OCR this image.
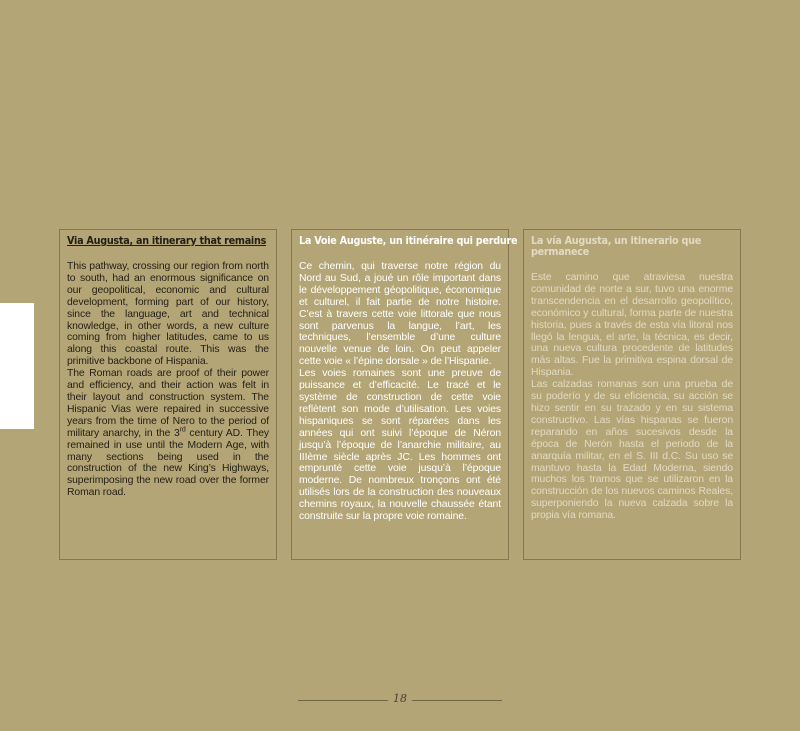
Via Augusta, an itinerary that remains

This pathway, crossing our region from north to south, had an enormous significance on our geopolitical, economic and cultural development, forming part of our history, since the language, art and technical knowledge, in other words, a new culture coming from higher latitudes, came to us along this coastal route. This was the primitive backbone of Hispania.

The Roman roads are proof of their power and efficiency, and their action was felt in their layout and construction system. The Hispanic Vias were repaired in successive years from the time of Nero to the period of military anarchy, in the 3rd century AD. They remained in use until the Modern Age, with many sections being used in the construction of the new King’s Highways, superimposing the new road over the former Roman road.

La Voie Auguste, un itinéraire qui perdure

Ce chemin, qui traverse notre région du Nord au Sud, a joué un rôle important dans le développement géopolitique, économique et culturel, il fait partie de notre histoire. C’est à travers cette voie littorale que nous sont parvenus la langue, l’art, les techniques, l’ensemble d’une culture nouvelle venue de loin. On peut appeler cette voie « l’épine dorsale » de l’Hispanie.

Les voies romaines sont une preuve de puissance et d’efficacité. Le tracé et le système de construction de cette voie reflètent son mode d’utilisation. Les voies hispaniques se sont réparées dans les années qui ont suivi l’époque de Néron jusqu’à l’époque de l’anarchie militaire, au IIIème siècle après JC. Les hommes ont emprunté cette voie jusqu’à l’époque moderne. De nombreux tronçons ont été utilisés lors de la construction des nouveaux chemins royaux, la nouvelle chaussée étant construite sur la propre voie romaine.

La vía Augusta, un itinerario que permanece

Este camino que atraviesa nuestra comunidad de norte a sur, tuvo una enorme transcendencia en el desarrollo geopolítico, económico y cultural, forma parte de nuestra historia, pues a través de esta vía litoral nos llegó la lengua, el arte, la técnica, es decir, una nueva cultura procedente de latitudes más altas. Fue la primitiva espina dorsal de Hispania.

Las calzadas romanas son una prueba de su poderío y de su eficiencia, su acción se hizo sentir en su trazado y en su sistema constructivo. Las vías hispanas se fueron reparando en años sucesivos desde la época de Nerón hasta el periodo de la anarquía militar, en el S. III d.C. Su uso se mantuvo hasta la Edad Moderna, siendo muchos los tramos que se utilizaron en la construcción de los nuevos caminos Reales, superponiendo la nueva calzada sobre la propia vía romana.

18
